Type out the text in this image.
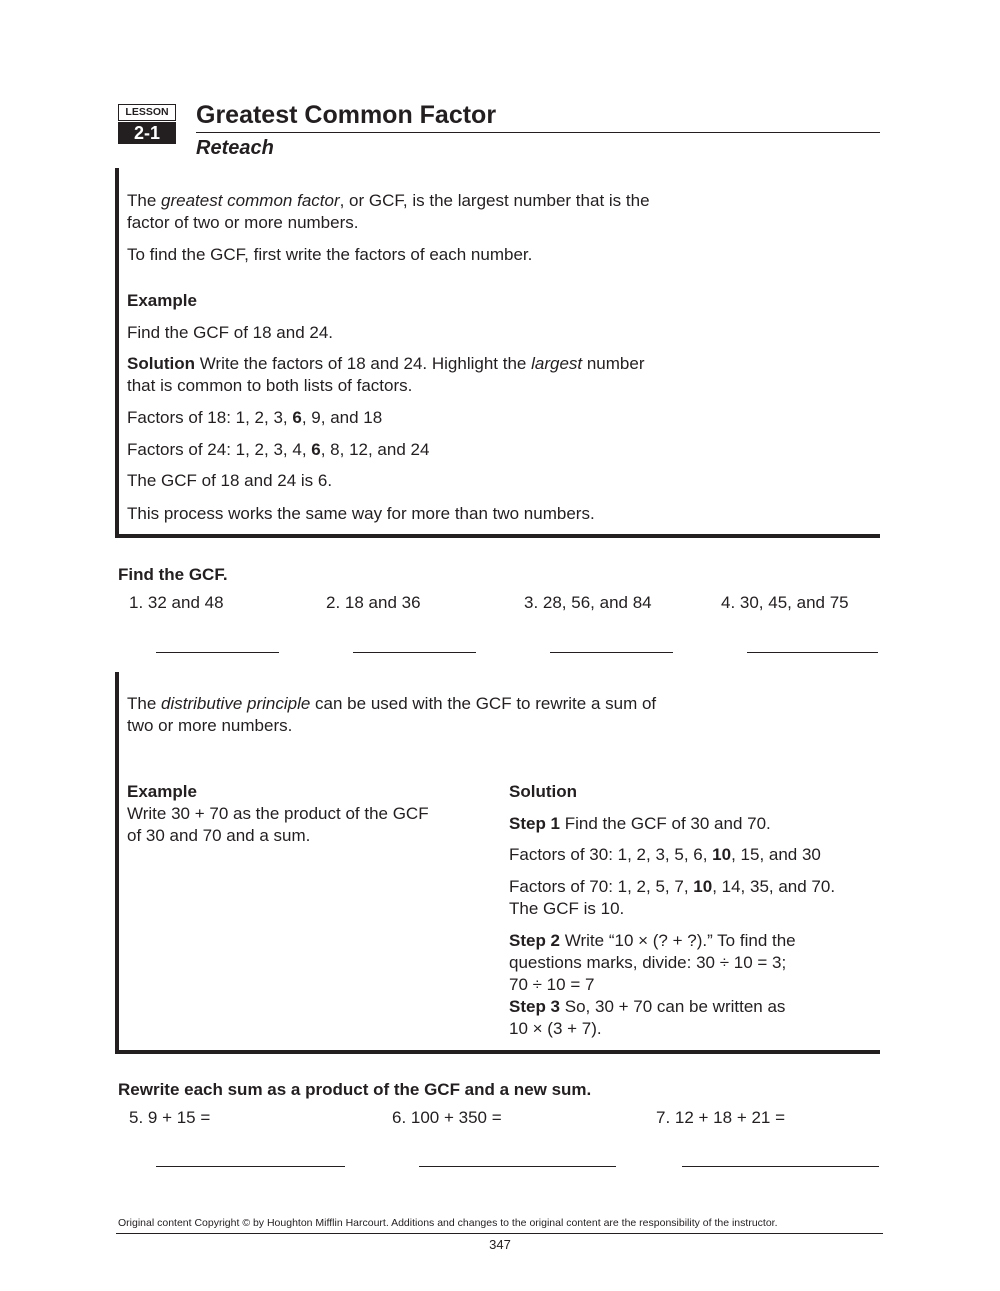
LESSON
2-1
Greatest Common Factor
Reteach
The greatest common factor, or GCF, is the largest number that is the
factor of two or more numbers.
To find the GCF, first write the factors of each number.
Example
Find the GCF of 18 and 24.
Solution Write the factors of 18 and 24. Highlight the largest number
that is common to both lists of factors.
Factors of 18: 1, 2, 3, 6, 9, and 18
Factors of 24: 1, 2, 3, 4, 6, 8, 12, and 24
The GCF of 18 and 24 is 6.
This process works the same way for more than two numbers.
Find the GCF.
1. 32 and 48	2. 18 and 36	3. 28, 56, and 84	4. 30, 45, and 75
The distributive principle can be used with the GCF to rewrite a sum of
two or more numbers.
Example
Write 30 + 70 as the product of the GCF
of 30 and 70 and a sum.
Solution
Step 1 Find the GCF of 30 and 70.
Factors of 30: 1, 2, 3, 5, 6, 10, 15, and 30
Factors of 70: 1, 2, 5, 7, 10, 14, 35, and 70.
The GCF is 10.
Step 2 Write “10 × (? + ?).” To find the
questions marks, divide: 30 ÷ 10 = 3;
70 ÷ 10 = 7
Step 3 So, 30 + 70 can be written as
10 × (3 + 7).
Rewrite each sum as a product of the GCF and a new sum.
5. 9 + 15 =	6. 100 + 350 =	7. 12 + 18 + 21 =
Original content Copyright © by Houghton Mifflin Harcourt. Additions and changes to the original content are the responsibility of the instructor.
347
